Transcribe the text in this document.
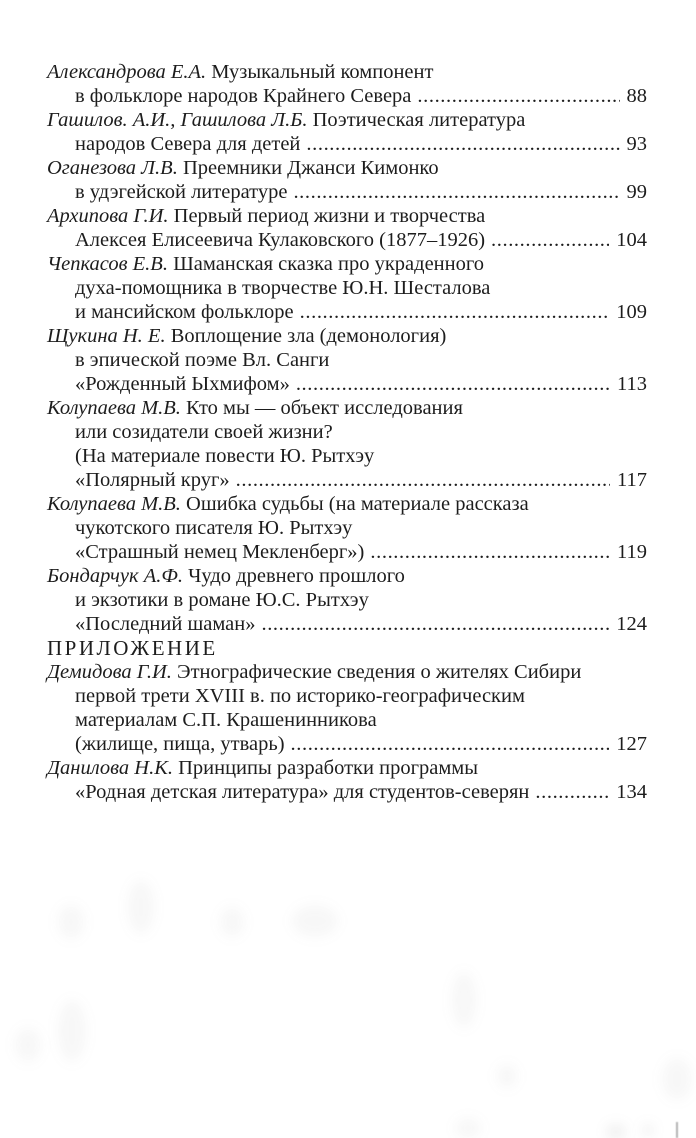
Александрова Е.А. Музыкальный компонент
в фольклоре народов Крайнего Севера .....	88
Гашилов. А.И., Гашилова Л.Б. Поэтическая литература
народов Севера для детей .....	93
Оганезова Л.В. Преемники Джанси Кимонко
в удэгейской литературе .....	99
Архипова Г.И. Первый период жизни и творчества
Алексея Елисеевича Кулаковского (1877–1926) .....	104
Чепкасов Е.В. Шаманская сказка про украденного
духа-помощника в творчестве Ю.Н. Шесталова
и мансийском фольклоре .....	109
Щукина Н. Е. Воплощение зла (демонология)
в эпической поэме Вл. Санги
«Рожденный Ыхмифом» .....	113
Колупаева М.В. Кто мы — объект исследования
или созидатели своей жизни?
(На материале повести Ю. Рытхэу
«Полярный круг» .....	117
Колупаева М.В. Ошибка судьбы (на материале рассказа
чукотского писателя Ю. Рытхэу
«Страшный немец Мекленберг») .....	119
Бондарчук А.Ф. Чудо древнего прошлого
и экзотики в романе Ю.С. Рытхэу
«Последний шаман» .....	124
ПРИЛОЖЕНИЕ
Демидова Г.И. Этнографические сведения о жителях Сибири
первой трети XVIII в. по историко-географическим
материалам С.П. Крашенинникова
(жилище, пища, утварь) .....	127
Данилова Н.К. Принципы разработки программы
«Родная детская литература» для студентов-северян .....	134
